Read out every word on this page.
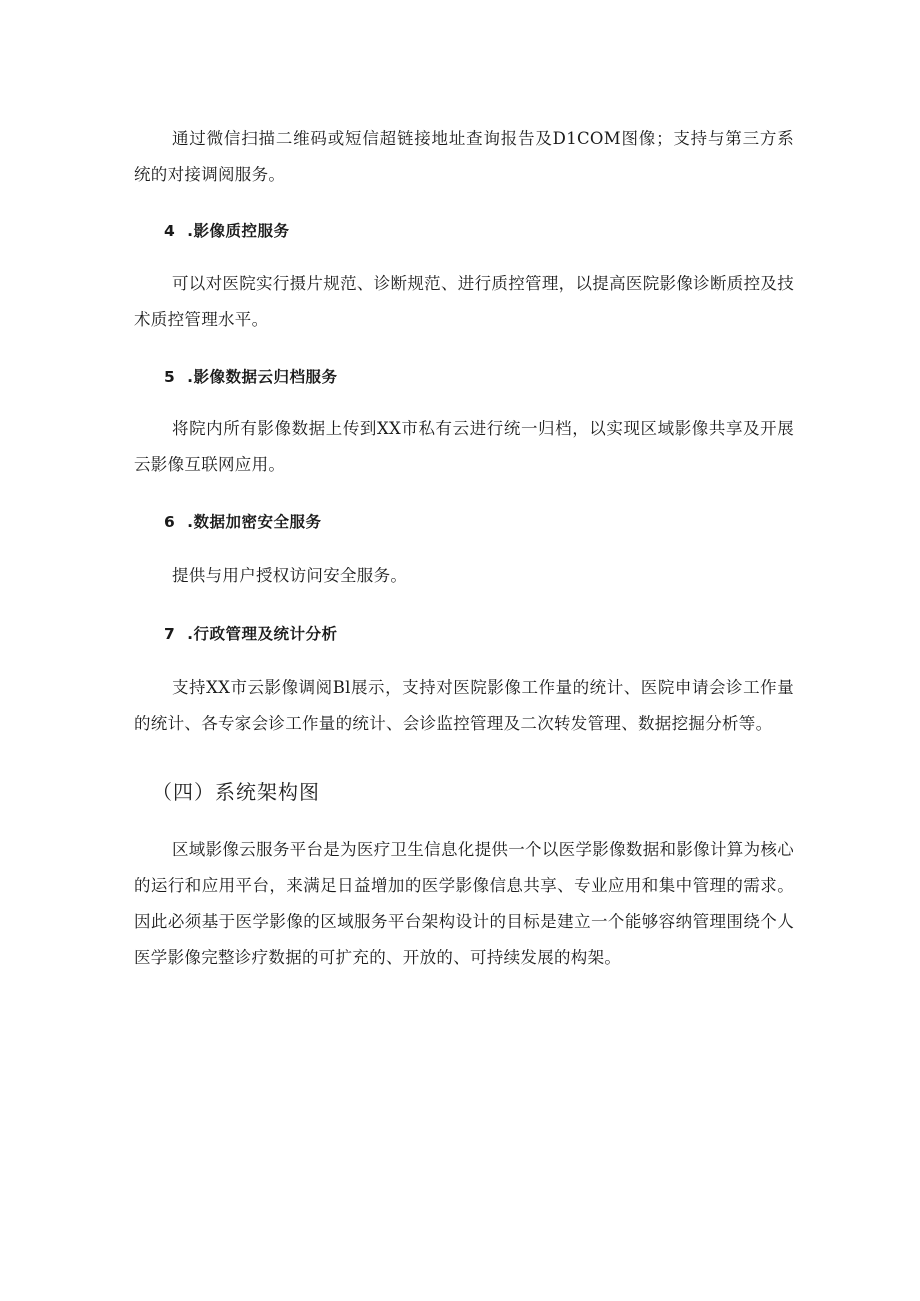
通过微信扫描二维码或短信超链接地址查询报告及D1COM图像；支持与第三方系统的对接调阅服务。

4  .影像质控服务

可以对医院实行摄片规范、诊断规范、进行质控管理，以提高医院影像诊断质控及技术质控管理水平。

5  .影像数据云归档服务

将院内所有影像数据上传到XX市私有云进行统一归档，以实现区域影像共享及开展云影像互联网应用。

6  .数据加密安全服务

提供与用户授权访问安全服务。

7  .行政管理及统计分析

支持XX市云影像调阅Bl展示，支持对医院影像工作量的统计、医院申请会诊工作量的统计、各专家会诊工作量的统计、会诊监控管理及二次转发管理、数据挖掘分析等。

（四）系统架构图

区域影像云服务平台是为医疗卫生信息化提供一个以医学影像数据和影像计算为核心的运行和应用平台，来满足日益增加的医学影像信息共享、专业应用和集中管理的需求。因此必须基于医学影像的区域服务平台架构设计的目标是建立一个能够容纳管理围绕个人医学影像完整诊疗数据的可扩充的、开放的、可持续发展的构架。
